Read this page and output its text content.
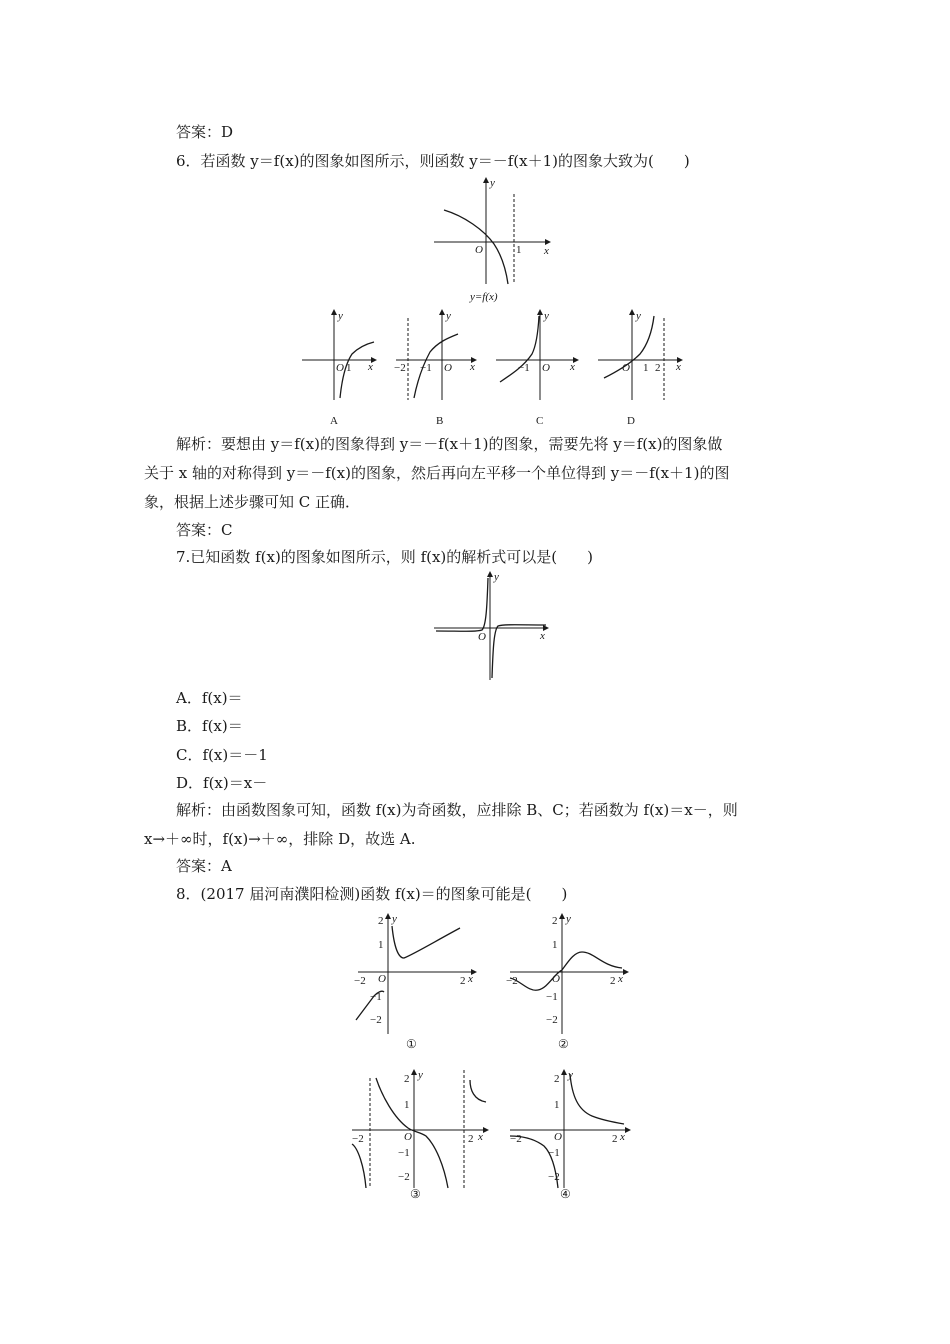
答案：D
6．若函数 y＝f(x)的图象如图所示，则函数 y＝－f(x＋1)的图象大致为(　　)
y
x
O	1
y=f(x)
y
x
O 1
A
y
x
O
−2 −1
B
y
x
O
−1
C
y
x
O 1 2
D
解析：要想由 y＝f(x)的图象得到 y＝－f(x＋1)的图象，需要先将 y＝f(x)的图象做
关于 x 轴的对称得到 y＝－f(x)的图象，然后再向左平移一个单位得到 y＝－f(x＋1)的图
象，根据上述步骤可知 C 正确．
答案：C
7.已知函数 f(x)的图象如图所示，则 f(x)的解析式可以是(　　)
y
x
O
A．f(x)＝
B．f(x)＝
C．f(x)＝－1
D．f(x)＝x－
解析：由函数图象可知，函数 f(x)为奇函数，应排除 B、C；若函数为 f(x)＝x－，则
x→＋∞时，f(x)→＋∞，排除 D，故选 A.
答案：A
8．(2017 届河南濮阳检测)函数 f(x)＝的图象可能是(　　)
y
x
O
2
1
−1
−2
−2	2
①
y
x
O
2
1
−1
−2
−2	2
②
y
x
O
2
1
−1
−2
−2	2
③
y
x
O
2
1
−1
−2
−2	2
④
